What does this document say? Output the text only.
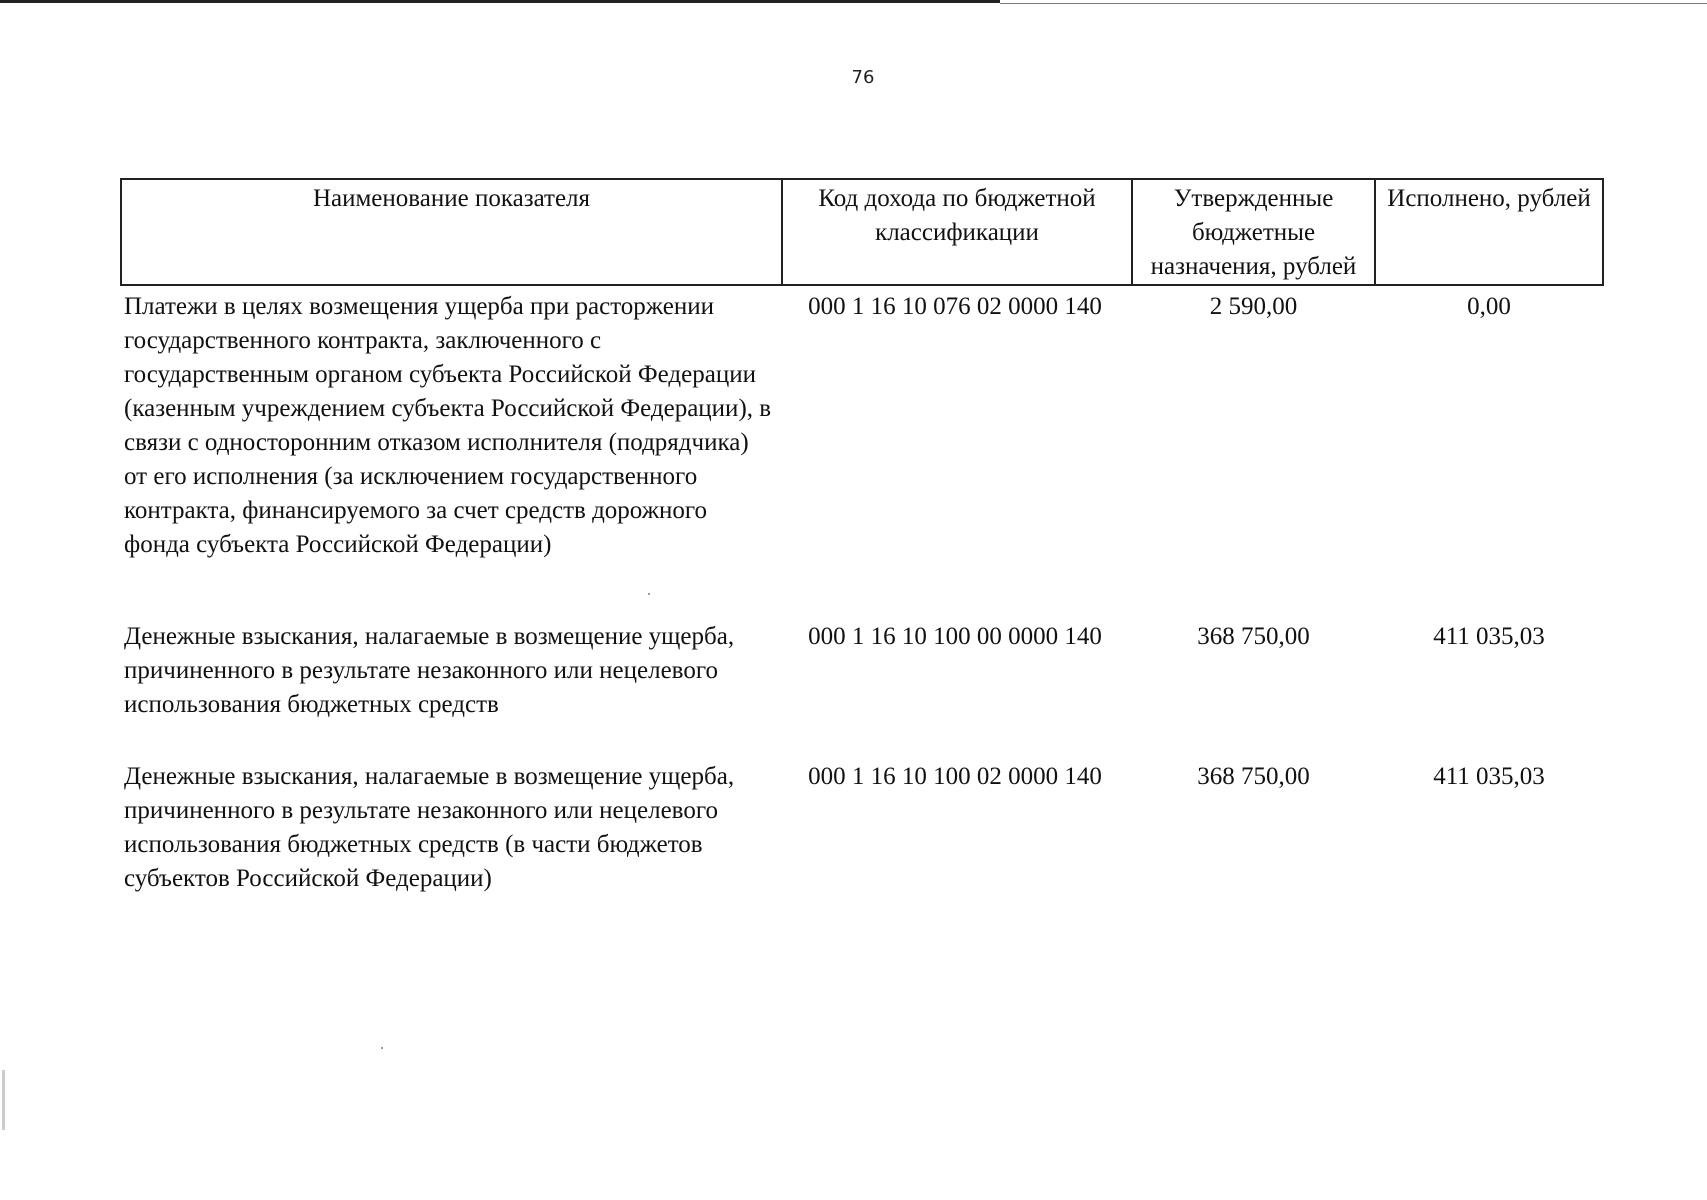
76
Наименование показателя	Код дохода по бюджетной классификации	Утвержденные бюджетные назначения, рублей	Исполнено, рублей
Платежи в целях возмещения ущерба при расторжении государственного контракта, заключенного с государственным органом субъекта Российской Федерации (казенным учреждением субъекта Российской Федерации), в связи с односторонним отказом исполнителя (подрядчика) от его исполнения (за исключением государственного контракта, финансируемого за счет средств дорожного фонда субъекта Российской Федерации)	000 1 16 10 076 02 0000 140	2 590,00	0,00

Денежные взыскания, налагаемые в возмещение ущерба, причиненного в результате незаконного или нецелевого использования бюджетных средств	000 1 16 10 100 00 0000 140	368 750,00	411 035,03

Денежные взыскания, налагаемые в возмещение ущерба, причиненного в результате незаконного или нецелевого использования бюджетных средств (в части бюджетов субъектов Российской Федерации)	000 1 16 10 100 02 0000 140	368 750,00	411 035,03
